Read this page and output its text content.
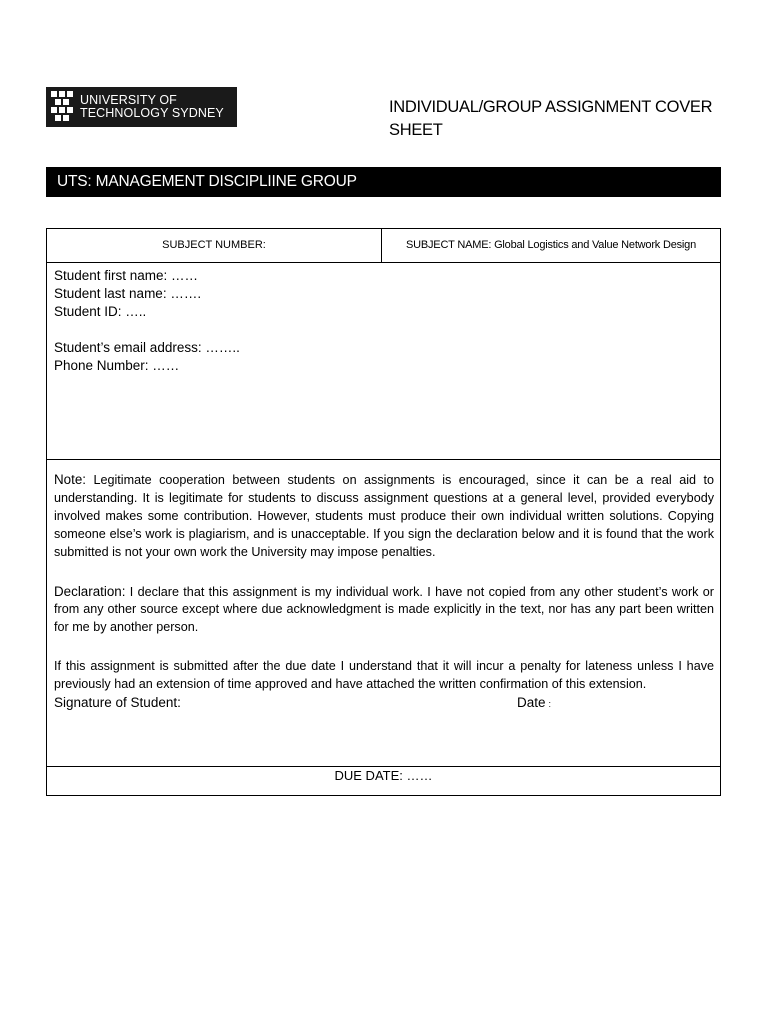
UNIVERSITY OF
TECHNOLOGY SYDNEY	INDIVIDUAL/GROUP ASSIGNMENT COVER
SHEET
UTS: MANAGEMENT DISCIPLIINE GROUP
SUBJECT NUMBER:	SUBJECT NAME: Global Logistics and Value Network Design
Student first name: ……
Student last name: …….
Student ID: …..
Student’s email address: ……..
Phone Number: ……

Note: Legitimate cooperation between students on assignments is encouraged, since it can be a real aid to understanding. It is legitimate for students to discuss assignment questions at a general level, provided everybody involved makes some contribution. However, students must produce their own individual written solutions. Copying someone else’s work is plagiarism, and is unacceptable. If you sign the declaration below and it is found that the work submitted is not your own work the University may impose penalties.

Declaration: I declare that this assignment is my individual work. I have not copied from any other student’s work or from any other source except where due acknowledgment is made explicitly in the text, nor has any part been written for me by another person.

If this assignment is submitted after the due date I understand that it will incur a penalty for lateness unless I have previously had an extension of time approved and have attached the written confirmation of this extension.

Signature of Student:	Date :
DUE DATE: ……
